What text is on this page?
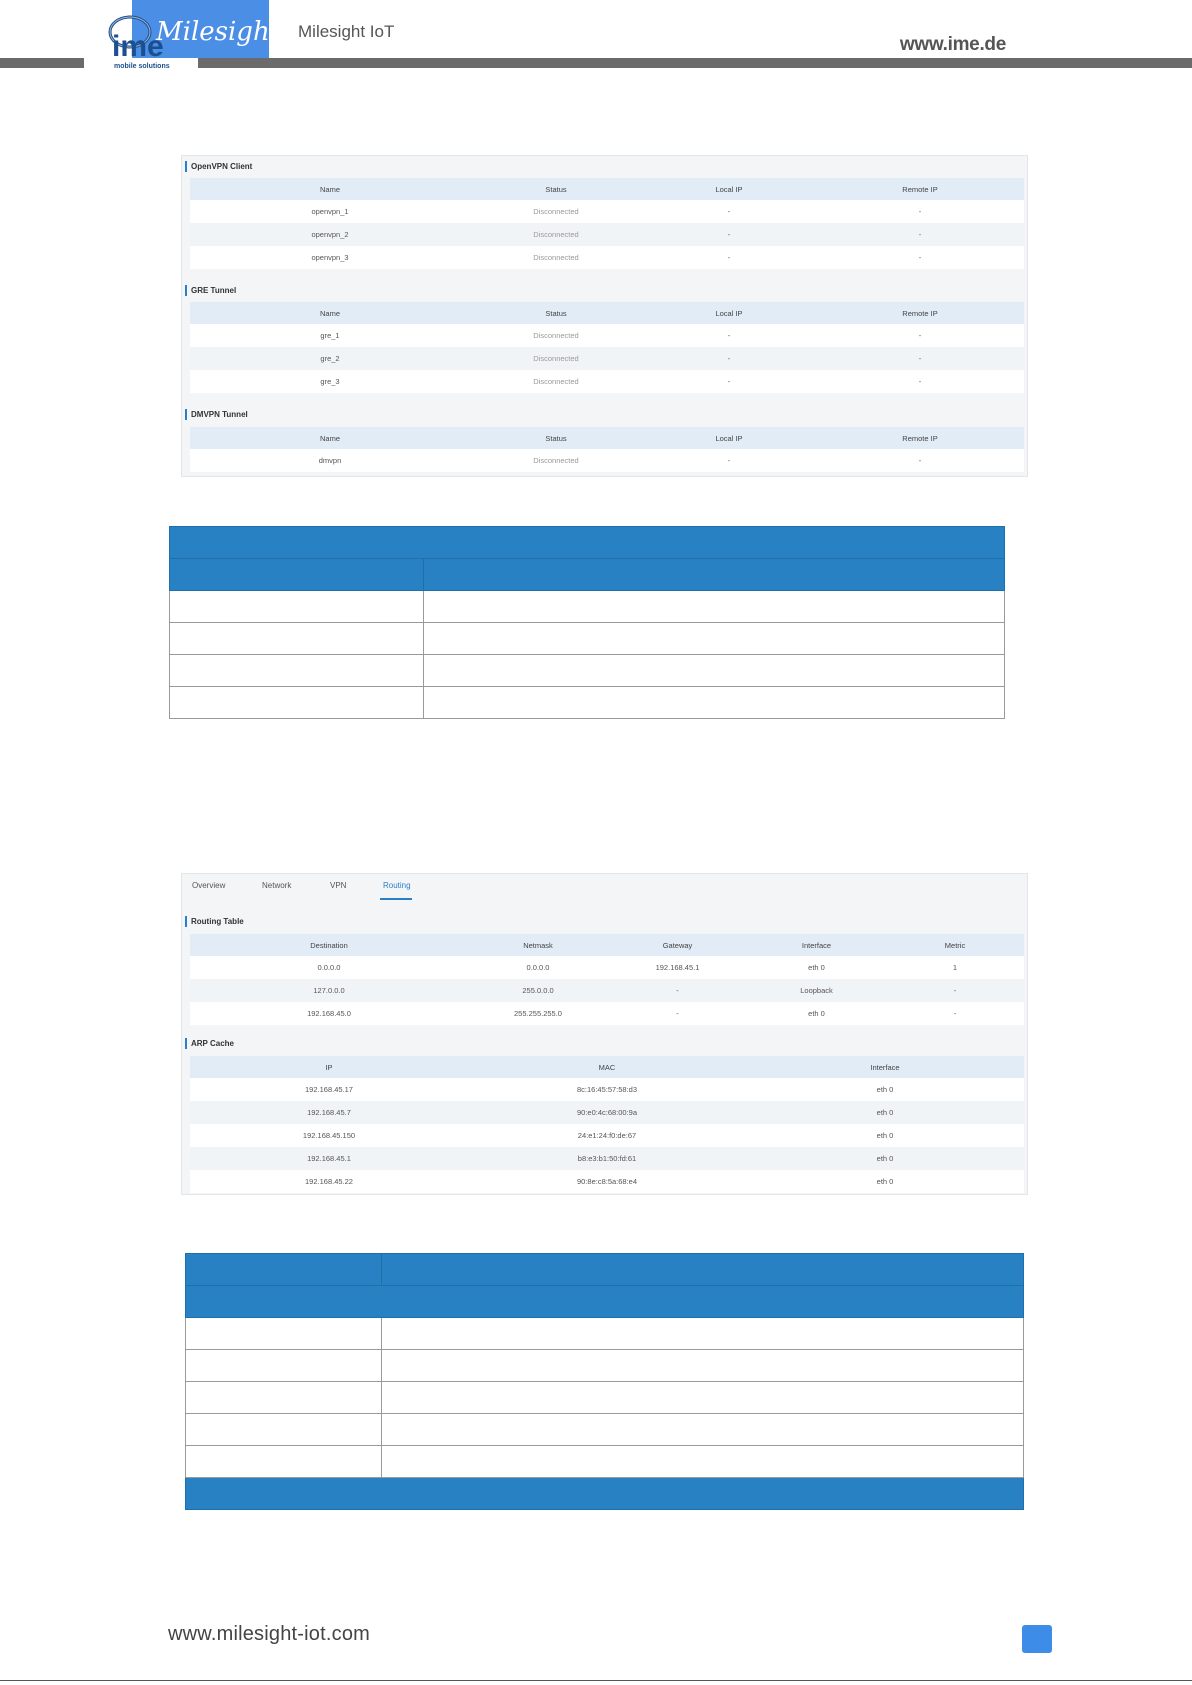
Milesight
ime
mobile solutions
Milesight IoT
www.ime.de
OpenVPN Client
Name	Status	Local IP	Remote IP
openvpn_1	Disconnected	-	-
openvpn_2	Disconnected	-	-
openvpn_3	Disconnected	-	-
GRE Tunnel
Name	Status	Local IP	Remote IP
gre_1	Disconnected	-	-
gre_2	Disconnected	-	-
gre_3	Disconnected	-	-
DMVPN Tunnel
Name	Status	Local IP	Remote IP
dmvpn	Disconnected	-	-

Overview	Network	VPN	Routing
Routing Table
Destination	Netmask	Gateway	Interface	Metric
0.0.0.0	0.0.0.0	192.168.45.1	eth 0	1
127.0.0.0	255.0.0.0	-	Loopback	-
192.168.45.0	255.255.255.0	-	eth 0	-
ARP Cache
IP	MAC	Interface
192.168.45.17	8c:16:45:57:58:d3	eth 0
192.168.45.7	90:e0:4c:68:00:9a	eth 0
192.168.45.150	24:e1:24:f0:de:67	eth 0
192.168.45.1	b8:e3:b1:50:fd:61	eth 0
192.168.45.22	90:8e:c8:5a:68:e4	eth 0

www.milesight-iot.com
